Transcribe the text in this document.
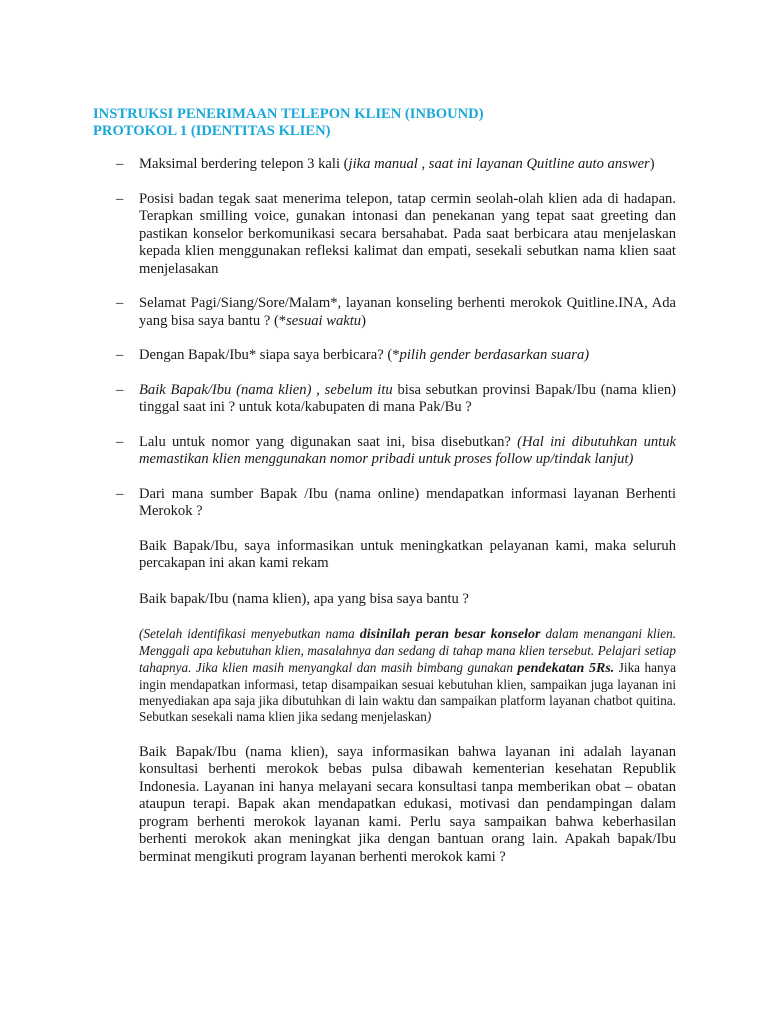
INSTRUKSI PENERIMAAN TELEPON KLIEN (INBOUND)
PROTOKOL 1 (IDENTITAS KLIEN)
– Maksimal berdering telepon 3 kali (jika manual , saat ini layanan Quitline auto answer)
– Posisi badan tegak saat menerima telepon, tatap cermin seolah-olah klien ada di hadapan. Terapkan smilling voice, gunakan intonasi dan penekanan yang tepat saat greeting dan pastikan konselor berkomunikasi secara bersahabat. Pada saat berbicara atau menjelaskan kepada klien menggunakan refleksi kalimat dan empati, sesekali sebutkan nama klien saat menjelasakan
– Selamat Pagi/Siang/Sore/Malam*, layanan konseling berhenti merokok Quitline.INA, Ada yang bisa saya bantu ? (*sesuai waktu)
– Dengan Bapak/Ibu* siapa saya berbicara? (*pilih gender berdasarkan suara)
– Baik Bapak/Ibu (nama klien) , sebelum itu bisa sebutkan provinsi Bapak/Ibu (nama klien) tinggal saat ini ? untuk kota/kabupaten di mana Pak/Bu ?
– Lalu untuk nomor yang digunakan saat ini, bisa disebutkan? (Hal ini dibutuhkan untuk memastikan klien menggunakan nomor pribadi untuk proses follow up/tindak lanjut)
– Dari mana sumber Bapak /Ibu (nama online) mendapatkan informasi layanan Berhenti Merokok ?
Baik Bapak/Ibu, saya informasikan untuk meningkatkan pelayanan kami, maka seluruh percakapan ini akan kami rekam
Baik bapak/Ibu (nama klien), apa yang bisa saya bantu ?
(Setelah identifikasi menyebutkan nama disinilah peran besar konselor dalam menangani klien. Menggali apa kebutuhan klien, masalahnya dan sedang di tahap mana klien tersebut. Pelajari setiap tahapnya. Jika klien masih menyangkal dan masih bimbang gunakan pendekatan 5Rs. Jika hanya ingin mendapatkan informasi, tetap disampaikan sesuai kebutuhan klien, sampaikan juga layanan ini menyediakan apa saja jika dibutuhkan di lain waktu dan sampaikan platform layanan chatbot quitina. Sebutkan sesekali nama klien jika sedang menjelaskan)
Baik Bapak/Ibu (nama klien), saya informasikan bahwa layanan ini adalah layanan konsultasi berhenti merokok bebas pulsa dibawah kementerian kesehatan Republik Indonesia. Layanan ini hanya melayani secara konsultasi tanpa memberikan obat – obatan ataupun terapi. Bapak akan mendapatkan edukasi, motivasi dan pendampingan dalam program berhenti merokok layanan kami. Perlu saya sampaikan bahwa keberhasilan berhenti merokok akan meningkat jika dengan bantuan orang lain. Apakah bapak/Ibu berminat mengikuti program layanan berhenti merokok kami ?
